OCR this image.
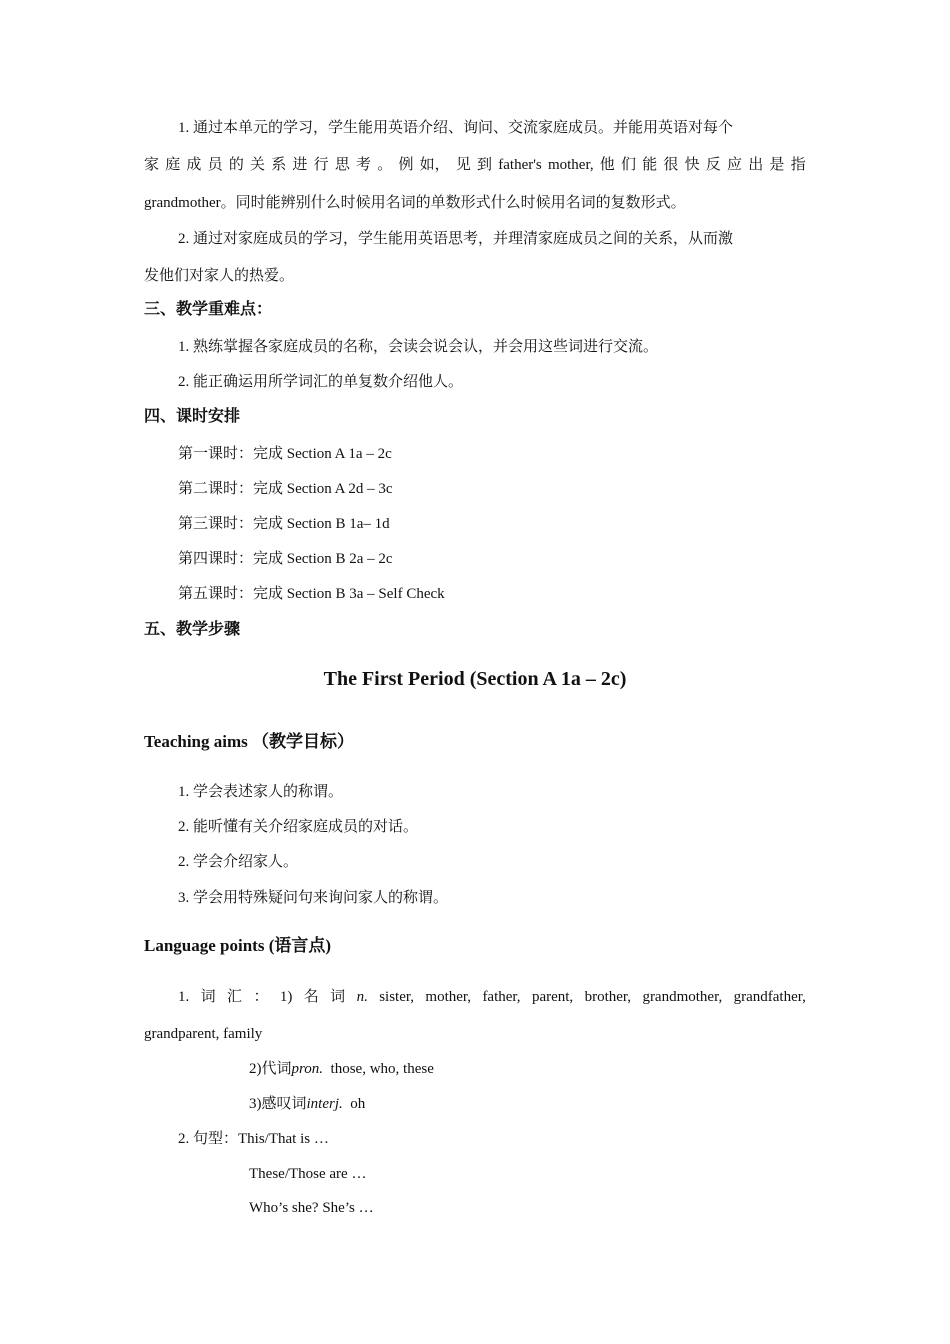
1. 通过本单元的学习，学生能用英语介绍、询问、交流家庭成员。并能用英语对每个
家 庭 成 员 的 关 系 进 行 思 考 。 例 如， 见 到 father's mother, 他 们 能 很 快 反 应 出 是 指
grandmother。同时能辨别什么时候用名词的单数形式什么时候用名词的复数形式。
2. 通过对家庭成员的学习，学生能用英语思考，并理清家庭成员之间的关系，从而激
发他们对家人的热爱。
三、教学重难点：
1. 熟练掌握各家庭成员的名称，会读会说会认，并会用这些词进行交流。
2. 能正确运用所学词汇的单复数介绍他人。
四、课时安排
第一课时：完成 Section A 1a – 2c
第二课时：完成 Section A 2d – 3c
第三课时：完成 Section B 1a– 1d
第四课时：完成 Section B 2a – 2c
第五课时：完成 Section B 3a – Self Check
五、教学步骤
The First Period (Section A 1a – 2c)
Teaching aims （教学目标）
1. 学会表述家人的称谓。
2. 能听懂有关介绍家庭成员的对话。
2. 学会介绍家人。
3. 学会用特殊疑问句来询问家人的称谓。
Language points (语言点)
1. 词 汇 ： 1) 名 词 n. sister, mother, father, parent, brother, grandmother, grandfather,
grandparent, family
2)代词pron. those, who, these
3)感叹词interj. oh
2. 句型：This/That is …
These/Those are …
Who’s she? She’s …
